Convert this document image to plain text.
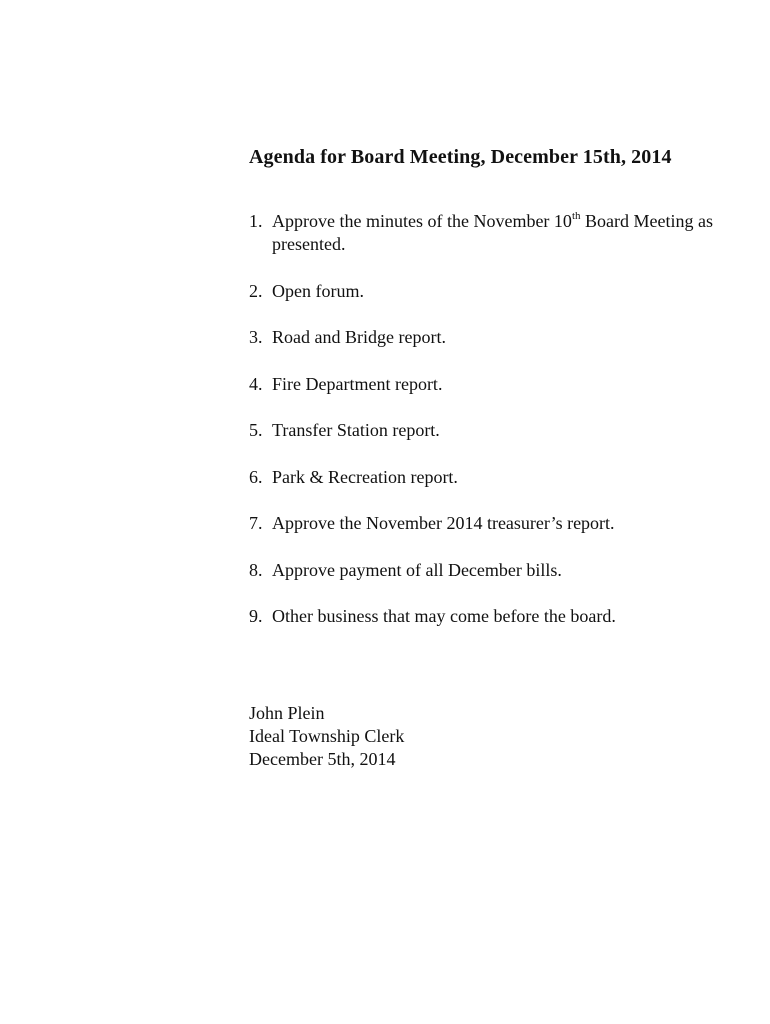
Agenda for Board Meeting, December 15th, 2014
1. Approve the minutes of the November 10th Board Meeting as presented.
2. Open forum.
3. Road and Bridge report.
4. Fire Department report.
5. Transfer Station report.
6. Park & Recreation report.
7. Approve the November 2014 treasurer’s report.
8. Approve payment of all December bills.
9. Other business that may come before the board.
John Plein
Ideal Township Clerk
December 5th, 2014
